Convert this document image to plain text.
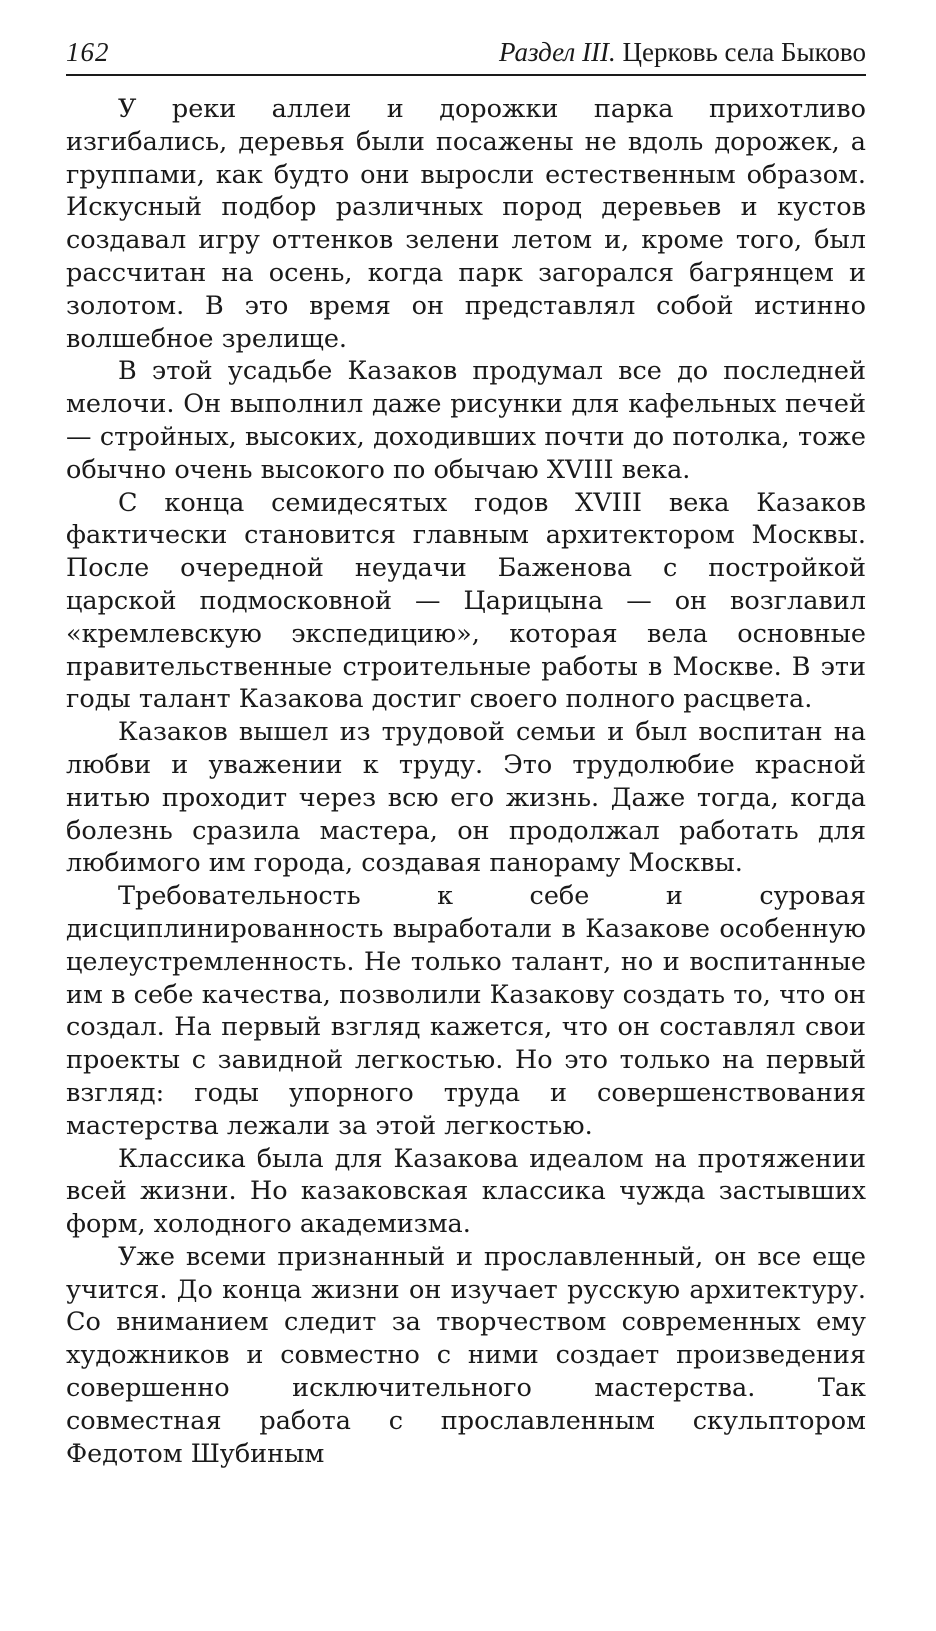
162	Раздел III. Церковь села Быково

У реки аллеи и дорожки парка прихотливо изгибались, деревья были посажены не вдоль дорожек, а группами, как будто они выросли естественным образом. Искусный подбор различных пород деревьев и кустов создавал игру оттенков зелени летом и, кроме того, был рассчитан на осень, когда парк загорался багрянцем и золотом. В это время он представлял собой истинно волшебное зрелище.

В этой усадьбе Казаков продумал все до последней мелочи. Он выполнил даже рисунки для кафельных печей — стройных, высоких, доходивших почти до потолка, тоже обычно очень высокого по обычаю XVIII века.

С конца семидесятых годов XVIII века Казаков фактически становится главным архитектором Москвы. После очередной неудачи Баженова с постройкой царской подмосковной — Царицына — он возглавил «кремлевскую экспедицию», которая вела основные правительственные строительные работы в Москве. В эти годы талант Казакова достиг своего полного расцвета.

Казаков вышел из трудовой семьи и был воспитан на любви и уважении к труду. Это трудолюбие красной нитью проходит через всю его жизнь. Даже тогда, когда болезнь сразила мастера, он продолжал работать для любимого им города, создавая панораму Москвы.

Требовательность к себе и суровая дисциплинированность выработали в Казакове особенную целеустремленность. Не только талант, но и воспитанные им в себе качества, позволили Казакову создать то, что он создал. На первый взгляд кажется, что он составлял свои проекты с завидной легкостью. Но это только на первый взгляд: годы упорного труда и совершенствования мастерства лежали за этой легкостью.

Классика была для Казакова идеалом на протяжении всей жизни. Но казаковская классика чужда застывших форм, холодного академизма.

Уже всеми признанный и прославленный, он все еще учится. До конца жизни он изучает русскую архитектуру. Со вниманием следит за творчеством современных ему художников и совместно с ними создает произведения совершенно исключительного мастерства. Так совместная работа с прославленным скульптором Федотом Шубиным
